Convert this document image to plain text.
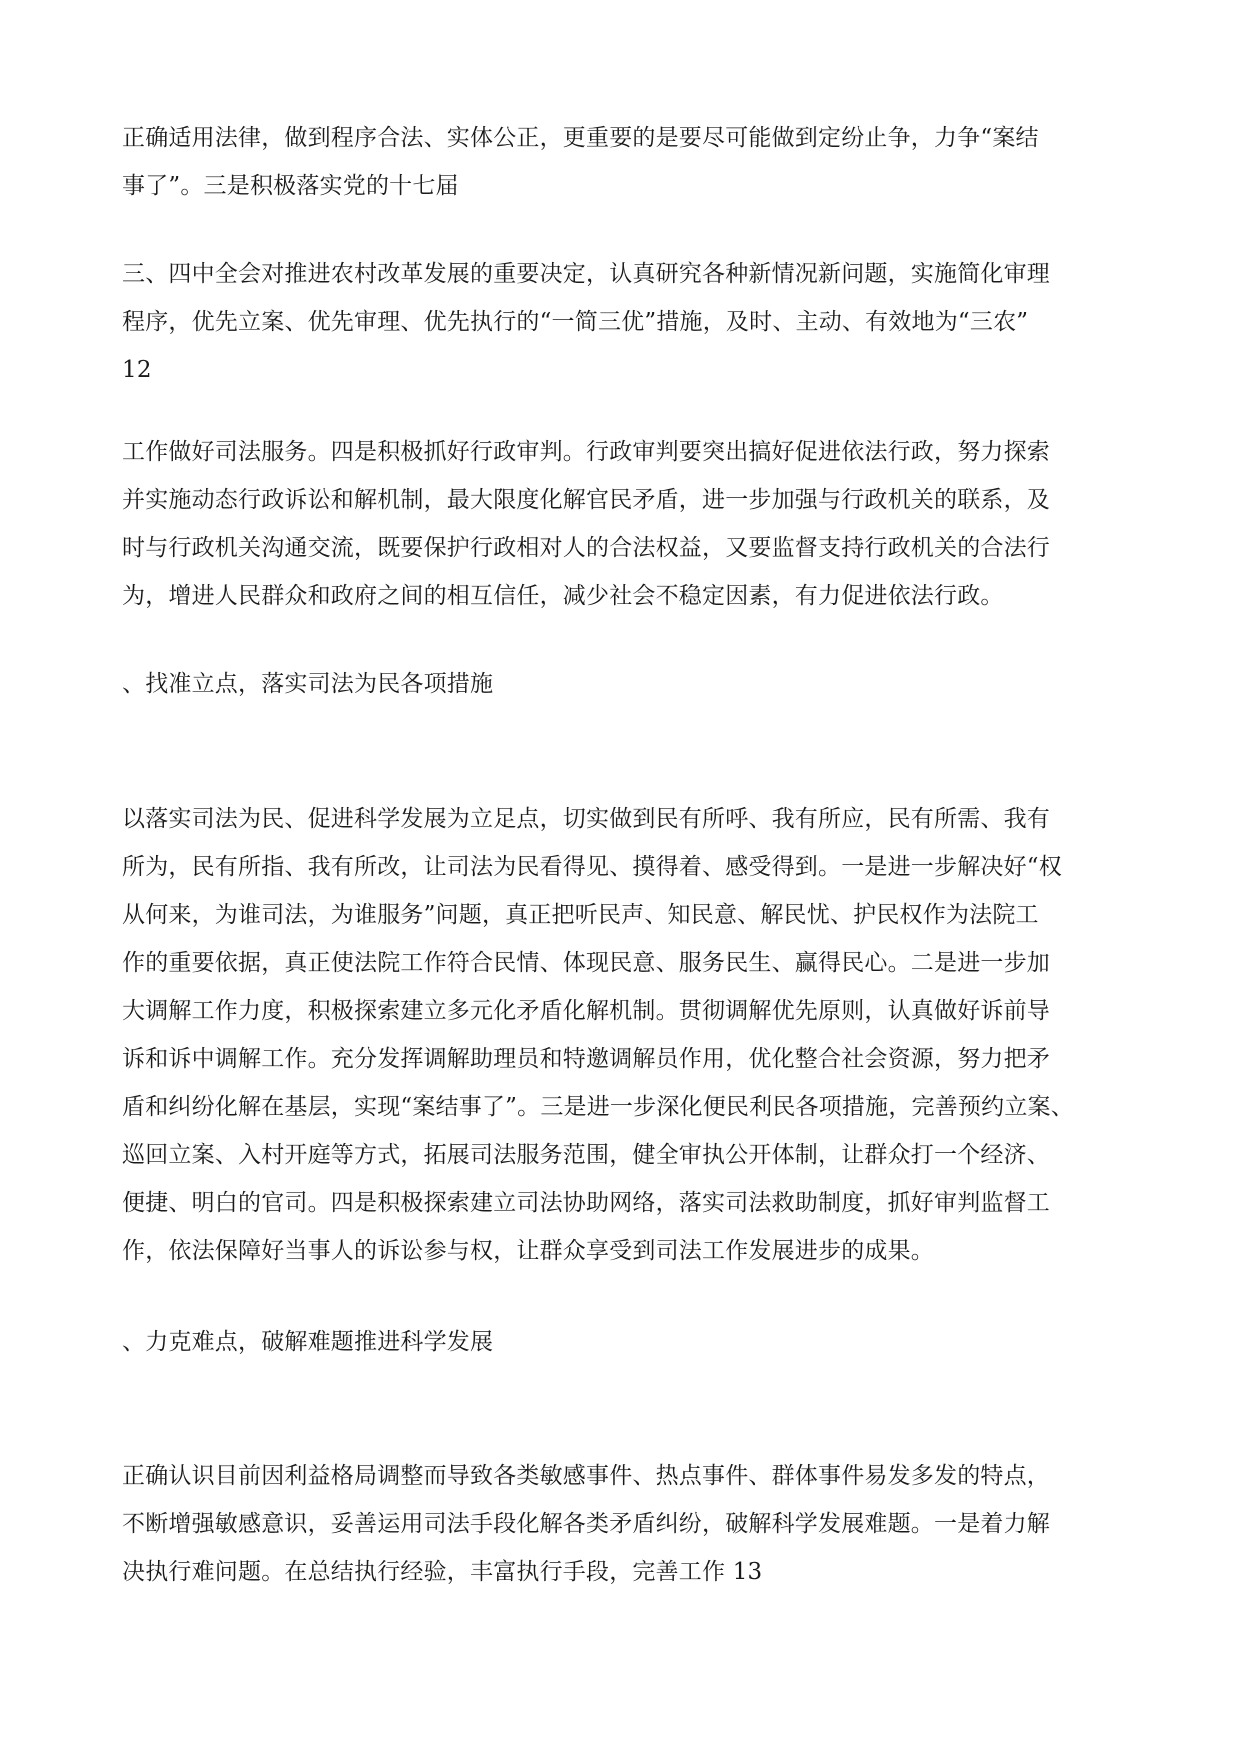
正确适用法律，做到程序合法、实体公正，更重要的是要尽可能做到定纷止争，力争“案结
事了”。三是积极落实党的十七届

三、四中全会对推进农村改革发展的重要决定，认真研究各种新情况新问题，实施简化审理
程序，优先立案、优先审理、优先执行的“一简三优”措施，及时、主动、有效地为“三农”
12

工作做好司法服务。四是积极抓好行政审判。行政审判要突出搞好促进依法行政，努力探索
并实施动态行政诉讼和解机制，最大限度化解官民矛盾，进一步加强与行政机关的联系，及
时与行政机关沟通交流，既要保护行政相对人的合法权益，又要监督支持行政机关的合法行
为，增进人民群众和政府之间的相互信任，减少社会不稳定因素，有力促进依法行政。

、找准立点，落实司法为民各项措施

以落实司法为民、促进科学发展为立足点，切实做到民有所呼、我有所应，民有所需、我有
所为，民有所指、我有所改，让司法为民看得见、摸得着、感受得到。一是进一步解决好“权
从何来，为谁司法，为谁服务”问题，真正把听民声、知民意、解民忧、护民权作为法院工
作的重要依据，真正使法院工作符合民情、体现民意、服务民生、赢得民心。二是进一步加
大调解工作力度，积极探索建立多元化矛盾化解机制。贯彻调解优先原则，认真做好诉前导
诉和诉中调解工作。充分发挥调解助理员和特邀调解员作用，优化整合社会资源，努力把矛
盾和纠纷化解在基层，实现“案结事了”。三是进一步深化便民利民各项措施，完善预约立案、
巡回立案、入村开庭等方式，拓展司法服务范围，健全审执公开体制，让群众打一个经济、
便捷、明白的官司。四是积极探索建立司法协助网络，落实司法救助制度，抓好审判监督工
作，依法保障好当事人的诉讼参与权，让群众享受到司法工作发展进步的成果。

、力克难点，破解难题推进科学发展

正确认识目前因利益格局调整而导致各类敏感事件、热点事件、群体事件易发多发的特点，
不断增强敏感意识，妥善运用司法手段化解各类矛盾纠纷，破解科学发展难题。一是着力解
决执行难问题。在总结执行经验，丰富执行手段，完善工作 13
